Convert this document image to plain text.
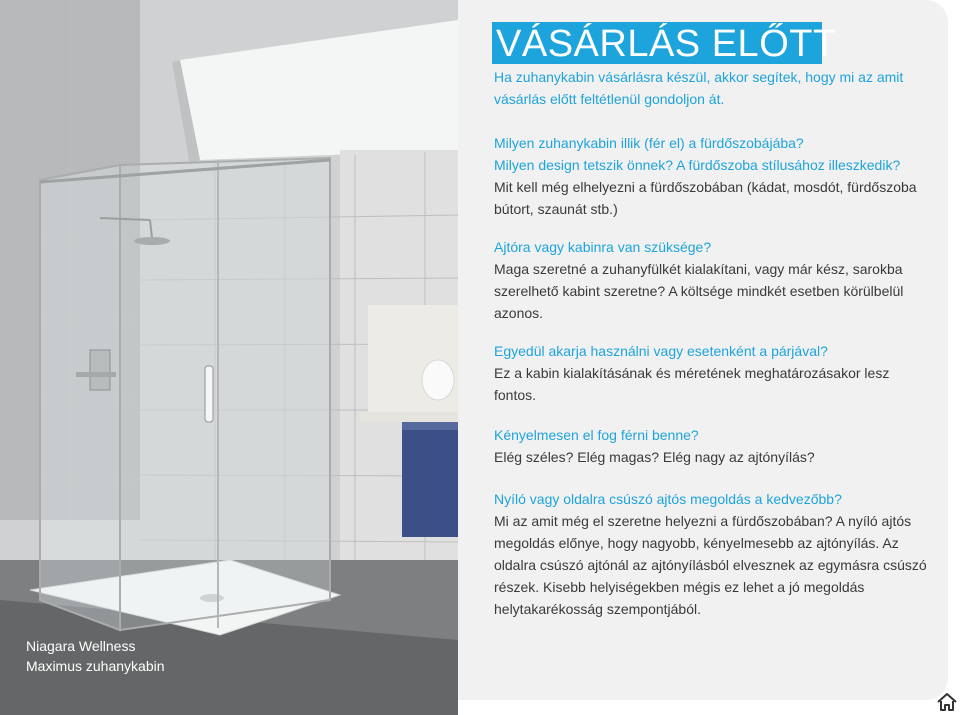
Niagara Wellness
Maximus zuhanykabin
VÁSÁRLÁS ELŐTT
Ha zuhanykabin vásárlásra készül, akkor segítek, hogy mi az amit vásárlás előtt feltétlenül gondoljon át.
Milyen zuhanykabin illik (fér el) a fürdőszobájába?
Milyen design tetszik önnek? A fürdőszoba stílusához illeszkedik?
Mit kell még elhelyezni a fürdőszobában (kádat, mosdót, fürdőszoba bútort, szaunát stb.)
Ajtóra vagy kabinra van szüksége?
Maga szeretné a zuhanyfülkét kialakítani, vagy már kész, sarokba szerelhető kabint szeretne? A költsége mindkét esetben körülbelül azonos.
Egyedül akarja használni vagy esetenként a párjával?
Ez a kabin kialakításának és méretének meghatározásakor lesz fontos.
Kényelmesen el fog férni benne?
Elég széles? Elég magas? Elég nagy az ajtónyílás?
Nyíló vagy oldalra csúszó ajtós megoldás a kedvezőbb?
Mi az amit még el szeretne helyezni a fürdőszobában? A nyíló ajtós megoldás előnye, hogy nagyobb, kényelmesebb az ajtónyílás. Az oldalra csúszó ajtónál az ajtónyílásból elvesznek az egymásra csúszó részek. Kisebb helyiségekben mégis ez lehet a jó megoldás helytakarékosság szempontjából.
